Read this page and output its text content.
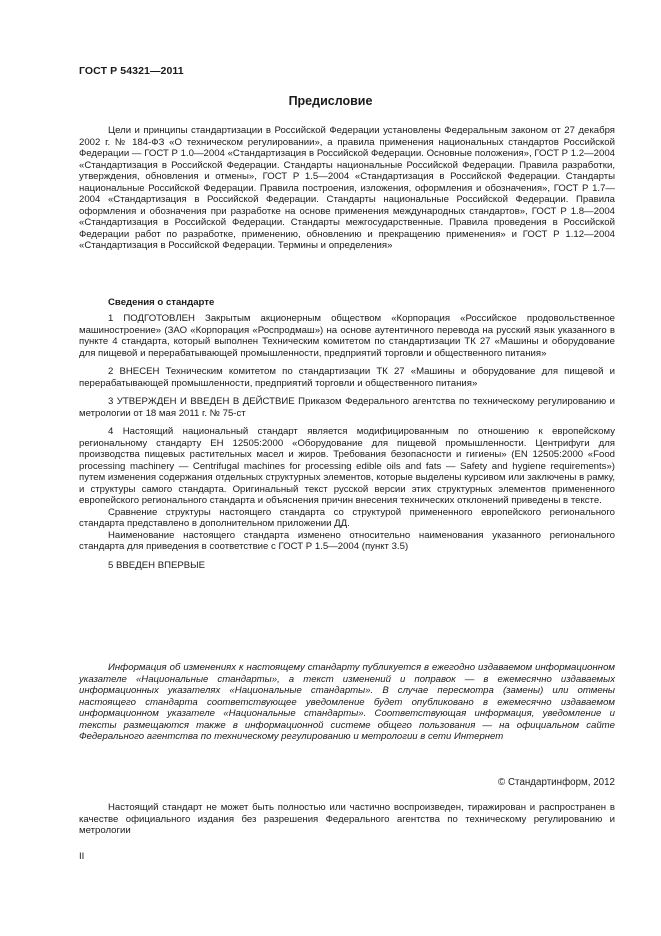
ГОСТ Р 54321—2011
Предисловие

Цели и принципы стандартизации в Российской Федерации установлены Федеральным законом от 27 декабря 2002 г. № 184-ФЗ «О техническом регулировании», а правила применения национальных стандартов Российской Федерации — ГОСТ Р 1.0—2004 «Стандартизация в Российской Федерации. Основные положения», ГОСТ Р 1.2—2004 «Стандартизация в Российской Федерации. Стандарты национальные Российской Федерации. Правила разработки, утверждения, обновления и отмены», ГОСТ Р 1.5—2004 «Стандартизация в Российской Федерации. Стандарты национальные Российской Федерации. Правила построения, изложения, оформления и обозначения», ГОСТ Р 1.7—2004 «Стандартизация в Российской Федерации. Стандарты национальные Российской Федерации. Правила оформления и обозначения при разработке на основе применения международных стандартов», ГОСТ Р 1.8—2004 «Стандартизация в Российской Федерации. Стандарты межгосударственные. Правила проведения в Российской Федерации работ по разработке, применению, обновлению и прекращению применения» и ГОСТ Р 1.12—2004 «Стандартизация в Российской Федерации. Термины и определения»

Сведения о стандарте

1 ПОДГОТОВЛЕН Закрытым акционерным обществом «Корпорация «Российское продовольственное машиностроение» (ЗАО «Корпорация «Роспродмаш») на основе аутентичного перевода на русский язык указанного в пункте 4 стандарта, который выполнен Техническим комитетом по стандартизации ТК 27 «Машины и оборудование для пищевой и перерабатывающей промышленности, предприятий торговли и общественного питания»

2 ВНЕСЕН Техническим комитетом по стандартизации ТК 27 «Машины и оборудование для пищевой и перерабатывающей промышленности, предприятий торговли и общественного питания»

3 УТВЕРЖДЕН И ВВЕДЕН В ДЕЙСТВИЕ Приказом Федерального агентства по техническому регулированию и метрологии от 18 мая 2011 г. № 75-ст

4 Настоящий национальный стандарт является модифицированным по отношению к европейскому региональному стандарту ЕН 12505:2000 «Оборудование для пищевой промышленности. Центрифуги для производства пищевых растительных масел и жиров. Требования безопасности и гигиены» (EN 12505:2000 «Food processing machinery — Centrifugal machines for processing edible oils and fats — Safety and hygiene requirements») путем изменения содержания отдельных структурных элементов, которые выделены курсивом или заключены в рамку, и структуры самого стандарта. Оригинальный текст русской версии этих структурных элементов примененного европейского регионального стандарта и объяснения причин внесения технических отклонений приведены в тексте.

Сравнение структуры настоящего стандарта со структурой примененного европейского регионального стандарта представлено в дополнительном приложении ДД.

Наименование настоящего стандарта изменено относительно наименования указанного регионального стандарта для приведения в соответствие с ГОСТ Р 1.5—2004 (пункт 3.5)

5 ВВЕДЕН ВПЕРВЫЕ

Информация об изменениях к настоящему стандарту публикуется в ежегодно издаваемом информационном указателе «Национальные стандарты», а текст изменений и поправок — в ежемесячно издаваемых информационных указателях «Национальные стандарты». В случае пересмотра (замены) или отмены настоящего стандарта соответствующее уведомление будет опубликовано в ежемесячно издаваемом информационном указателе «Национальные стандарты». Соответствующая информация, уведомление и тексты размещаются также в информационной системе общего пользования — на официальном сайте Федерального агентства по техническому регулированию и метрологии в сети Интернет

© Стандартинформ, 2012

Настоящий стандарт не может быть полностью или частично воспроизведен, тиражирован и распространен в качестве официального издания без разрешения Федерального агентства по техническому регулированию и метрологии

II
